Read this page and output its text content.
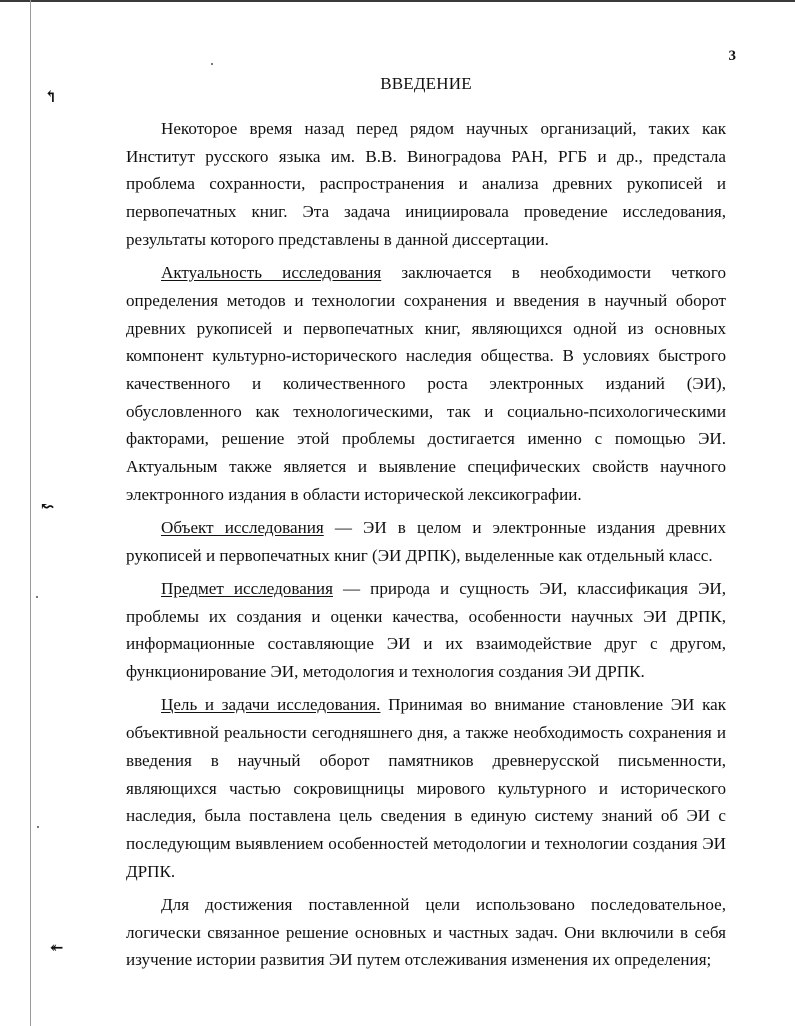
↰
↜
↞
3
ВВЕДЕНИЕ

Некоторое время назад перед рядом научных организаций, таких как Институт русского языка им. В.В. Виноградова РАН, РГБ и др., предстала проблема сохранности, распространения и анализа древних рукописей и первопечатных книг. Эта задача инициировала проведение исследования, результаты которого представлены в данной диссертации.

Актуальность исследования заключается в необходимости четкого определения методов и технологии сохранения и введения в научный оборот древних рукописей и первопечатных книг, являющихся одной из основных компонент культурно-исторического наследия общества. В условиях быстрого качественного и количественного роста электронных изданий (ЭИ), обусловленного как технологическими, так и социально-психологическими факторами, решение этой проблемы достигается именно с помощью ЭИ. Актуальным также является и выявление специфических свойств научного электронного издания в области исторической лексикографии.

Объект исследования — ЭИ в целом и электронные издания древних рукописей и первопечатных книг (ЭИ ДРПК), выделенные как отдельный класс.

Предмет исследования — природа и сущность ЭИ, классификация ЭИ, проблемы их создания и оценки качества, особенности научных ЭИ ДРПК, информационные составляющие ЭИ и их взаимодействие друг с другом, функционирование ЭИ, методология и технология создания ЭИ ДРПК.

Цель и задачи исследования. Принимая во внимание становление ЭИ как объективной реальности сегодняшнего дня, а также необходимость сохранения и введения в научный оборот памятников древнерусской письменности, являющихся частью сокровищницы мирового культурного и исторического наследия, была поставлена цель сведения в единую систему знаний об ЭИ с последующим выявлением особенностей методологии и технологии создания ЭИ ДРПК.

Для достижения поставленной цели использовано последовательное, логически связанное решение основных и частных задач. Они включили в себя изучение истории развития ЭИ путем отслеживания изменения их определения;
